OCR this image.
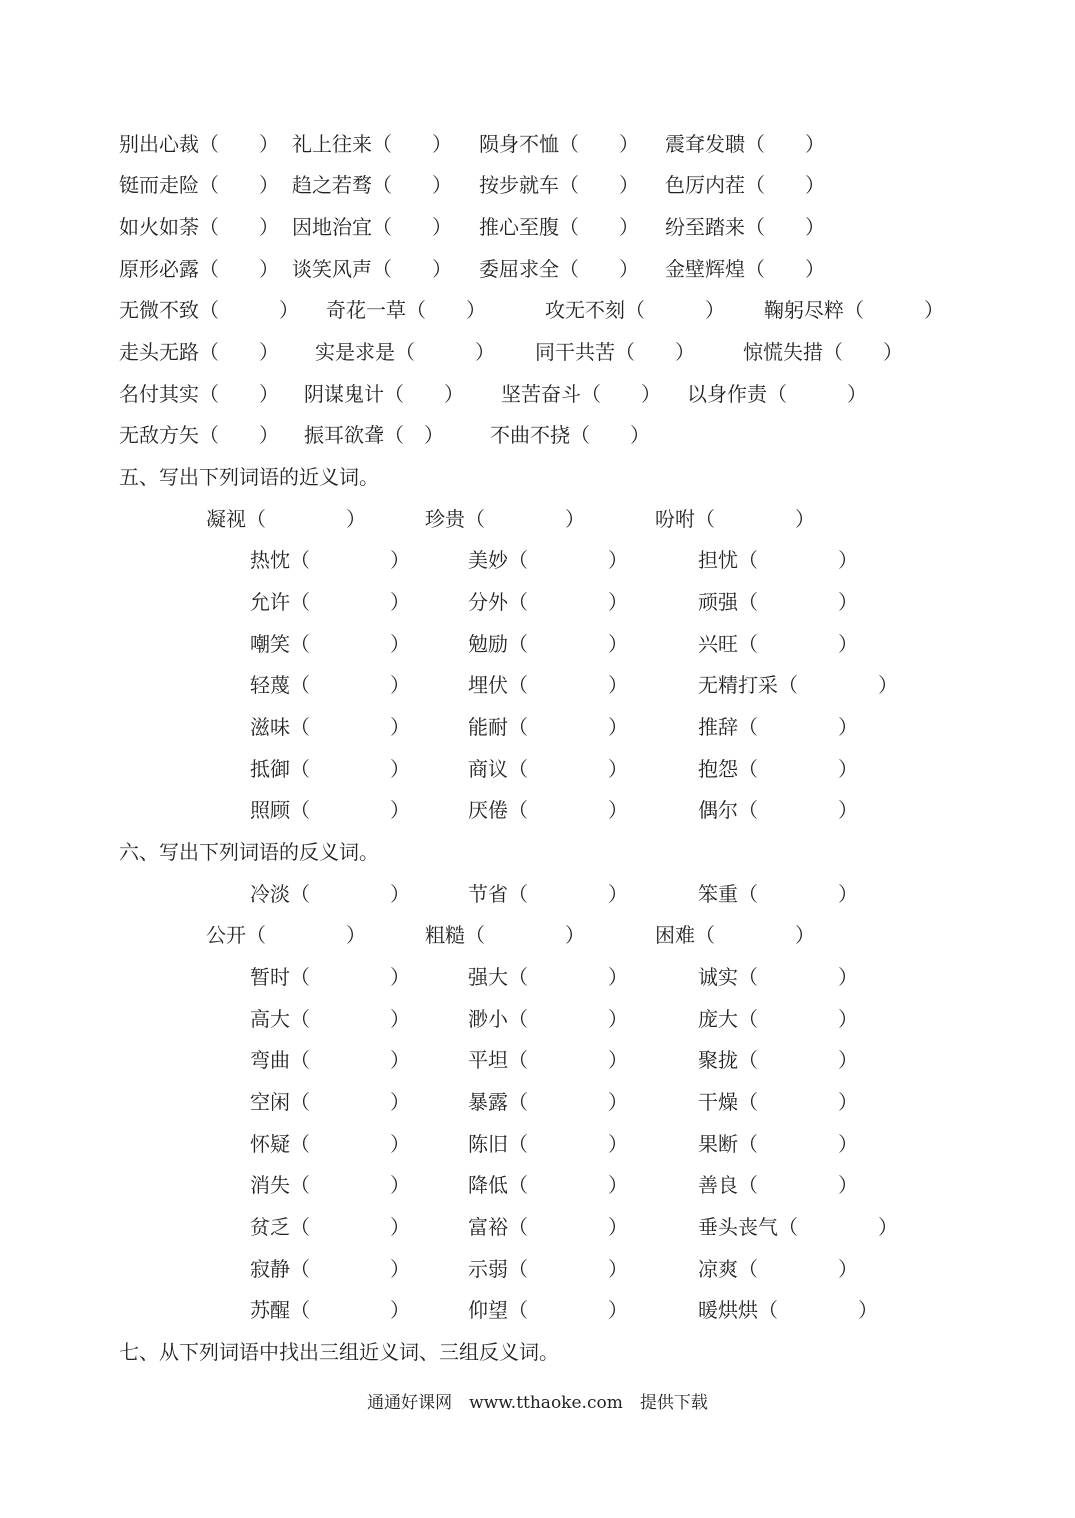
别出心裁（　　） 礼上往来（　　） 陨身不恤（　　） 震耷发聩（　　）
铤而走险（　　） 趋之若骛（　　） 按步就车（　　） 色厉内茬（　　）
如火如荼（　　） 因地治宜（　　） 推心至腹（　　） 纷至踏来（　　）
原形必露（　　） 谈笑风声（　　） 委屈求全（　　） 金壁辉煌（　　）
无微不致（　　　） 奇花一草（　　）	攻无不刻（　　　） 鞠躬尽粹（　　　）
走头无路（　　） 实是求是（　　　） 同干共苦（　　） 惊慌失措（　　）
名付其实（　　） 阴谋鬼计（　　） 坚苦奋斗（　　） 以身作责（　　　）
无敌方矢（　　） 振耳欲聋（　） 不曲不挠（　　）
五、写出下列词语的近义词。
凝视（　　　　）	珍贵（　　　　）	吩咐（　　　　）
热忱（　　　　）	美妙（　　　　）	担忧（　　　　）
允许（　　　　）	分外（　　　　）	顽强（　　　　）
嘲笑（　　　　）	勉励（　　　　）	兴旺（　　　　）
轻蔑（　　　　）	埋伏（　　　　）	无精打采（　　　　）
滋味（　　　　）	能耐（　　　　）	推辞（　　　　）
抵御（　　　　）	商议（　　　　）	抱怨（　　　　）
照顾（　　　　）	厌倦（　　　　）	偶尔（　　　　）
六、写出下列词语的反义词。
冷淡（　　　　）	节省（　　　　）	笨重（　　　　）
公开（　　　　）	粗糙（　　　　）	困难（　　　　）
暂时（　　　　）	强大（　　　　）	诚实（　　　　）
高大（　　　　）	渺小（　　　　）	庞大（　　　　）
弯曲（　　　　）	平坦（　　　　）	聚拢（　　　　）
空闲（　　　　）	暴露（　　　　）	干燥（　　　　）
怀疑（　　　　）	陈旧（　　　　）	果断（　　　　）
消失（　　　　）	降低（　　　　）	善良（　　　　）
贫乏（　　　　）	富裕（　　　　）	垂头丧气（　　　　）
寂静（　　　　）	示弱（　　　　）	凉爽（　　　　）
苏醒（　　　　）	仰望（　　　　）	暖烘烘（　　　　）
七、从下列词语中找出三组近义词、三组反义词。
通通好课网　www.tthaoke.com　提供下载
